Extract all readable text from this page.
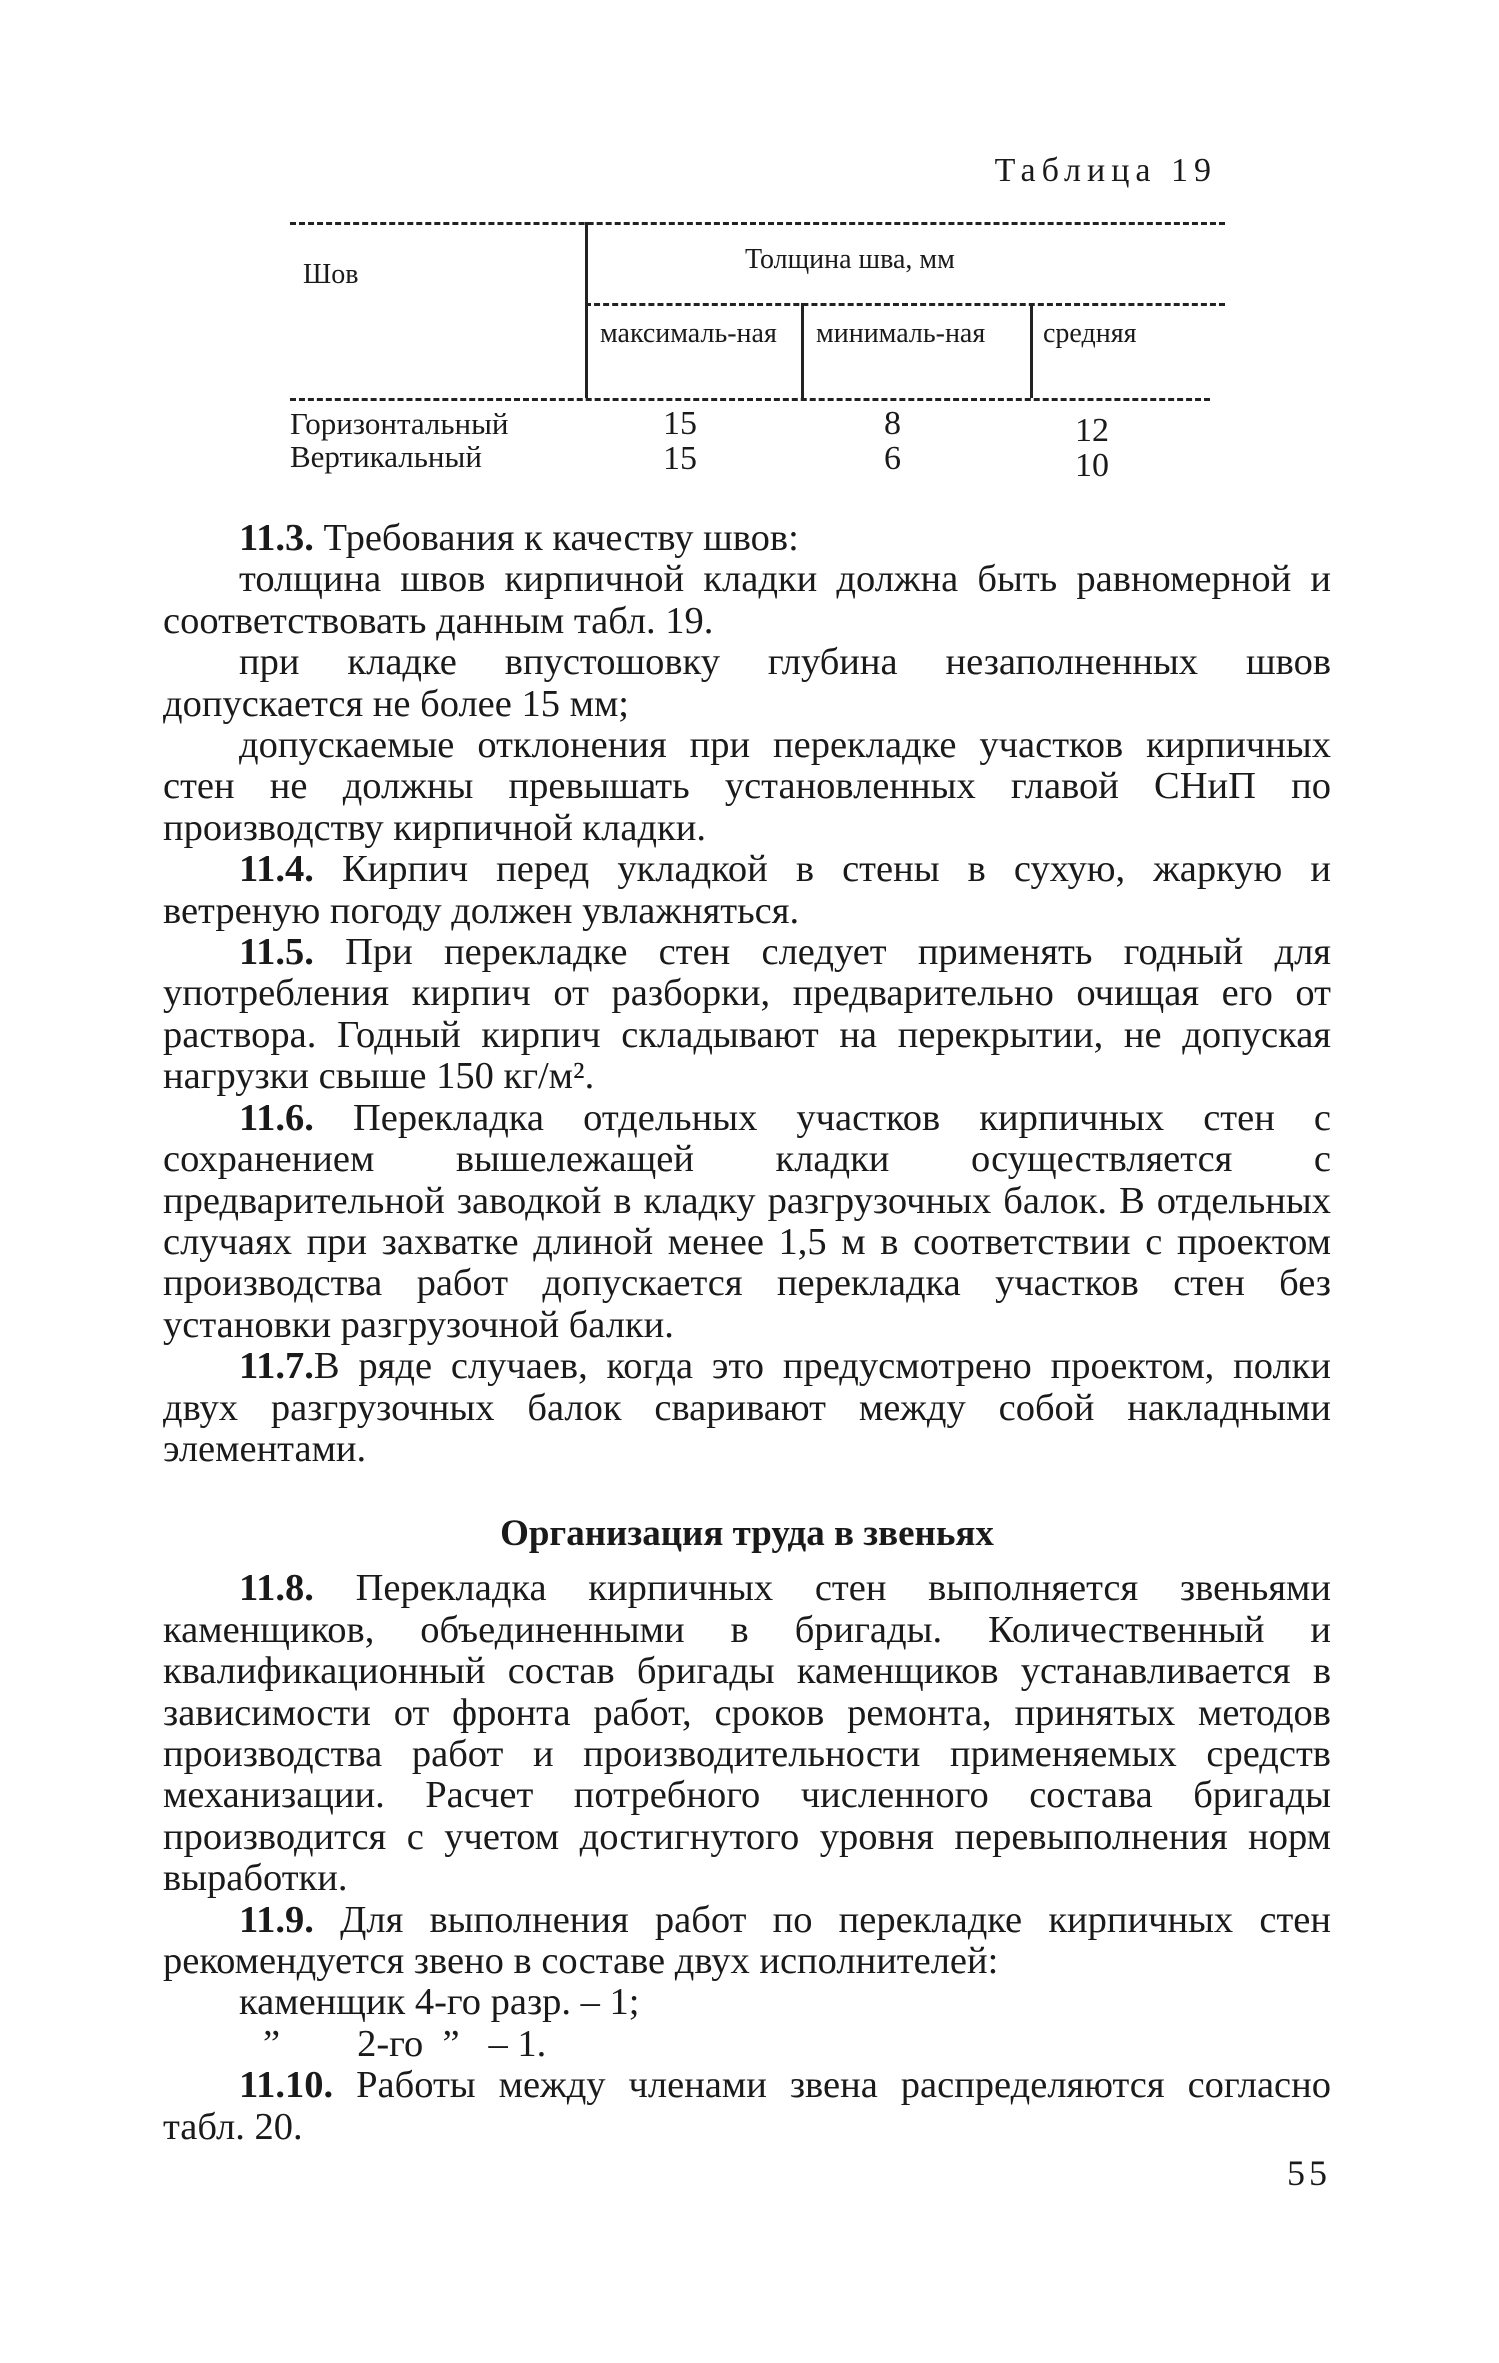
Таблица 19
Шов	Толщина шва, мм
максималь-ная	минималь-ная	средняя
Горизонтальный	15	8	12
Вертикальный	15	6	10

11.3. Требования к качеству швов:

толщина швов кирпичной кладки должна быть равномерной и соответствовать данным табл. 19.

при кладке впустошовку глубина незаполненных швов допускается не более 15 мм;

допускаемые отклонения при перекладке участков кирпичных стен не должны превышать установленных главой СНиП по производству кирпичной кладки.

11.4. Кирпич перед укладкой в стены в сухую, жаркую и ветреную погоду должен увлажняться.

11.5. При перекладке стен следует применять годный для употребления кирпич от разборки, предварительно очищая его от раствора. Годный кирпич складывают на перекрытии, не допуская нагрузки свыше 150 кг/м².

11.6. Перекладка отдельных участков кирпичных стен с сохранением вышележащей кладки осуществляется с предварительной заводкой в кладку разгрузочных балок. В отдельных случаях при захватке длиной менее 1,5 м в соответствии с проектом производства работ допускается перекладка участков стен без установки разгрузочной балки.

11.7.В ряде случаев, когда это предусмотрено проектом, полки двух разгрузочных балок сваривают между собой накладными элементами.

Организация труда в звеньях

11.8. Перекладка кирпичных стен выполняется звеньями каменщиков, объединенными в бригады. Количественный и квалификационный состав бригады каменщиков устанавливается в зависимости от фронта работ, сроков ремонта, принятых методов производства работ и производительности применяемых средств механизации. Расчет потребного численного состава бригады производится с учетом достигнутого уровня перевыполнения норм выработки.

11.9. Для выполнения работ по перекладке кирпичных стен рекомендуется звено в составе двух исполнителей:

каменщик 4-го разр. – 1;

”        2-го  ”   – 1.

11.10. Работы между членами звена распределяются согласно табл. 20.

55
